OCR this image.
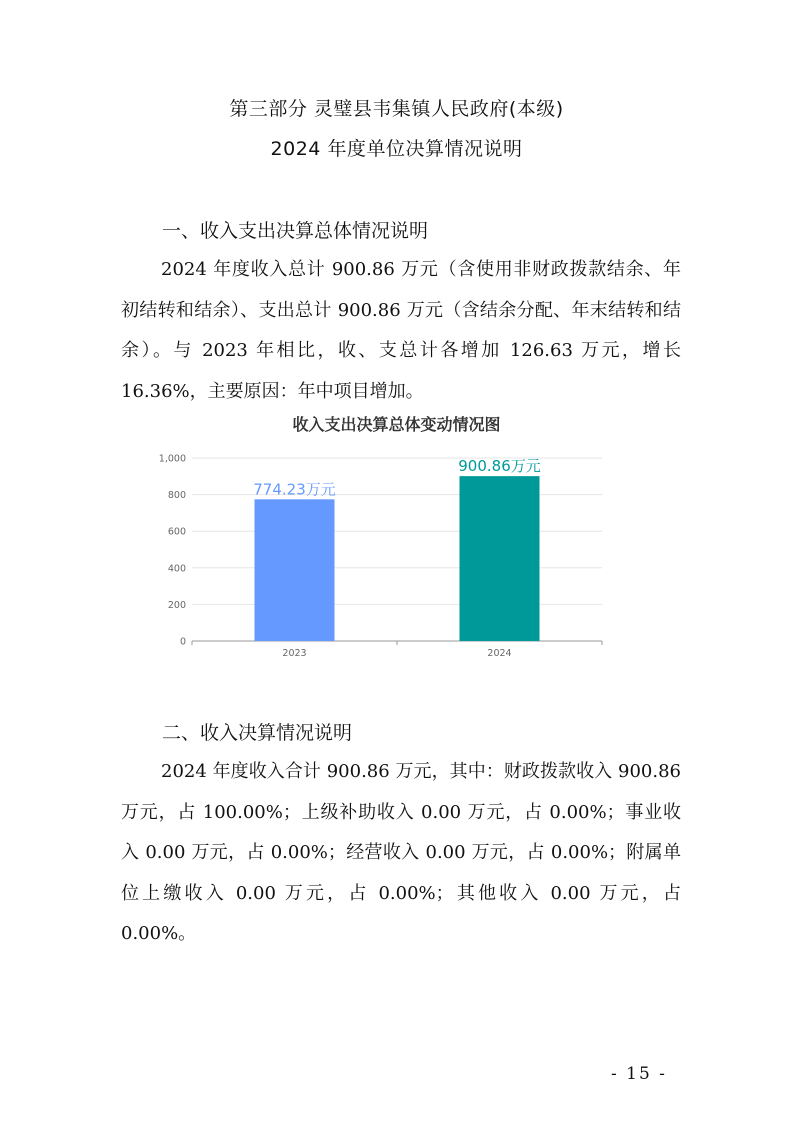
第三部分 灵璧县韦集镇人民政府(本级)
2024 年度单位决算情况说明
一、收入支出决算总体情况说明
2024 年度收入总计 900.86 万元（含使用非财政拨款结余、年初结转和结余）、支出总计 900.86 万元（含结余分配、年末结转和结余）。与 2023 年相比，收、支总计各增加 126.63 万元，增长 16.36%，主要原因：年中项目增加。
收入支出决算总体变动情况图
0
200
400
600
800
1,000
774.23万元
2023
900.86万元
2024
二、收入决算情况说明
2024 年度收入合计 900.86 万元，其中：财政拨款收入 900.86 万元，占 100.00%；上级补助收入 0.00 万元，占 0.00%；事业收入 0.00 万元，占 0.00%；经营收入 0.00 万元，占 0.00%；附属单位上缴收入 0.00 万元，占 0.00%；其他收入 0.00 万元，占 0.00%。
- 15 -
